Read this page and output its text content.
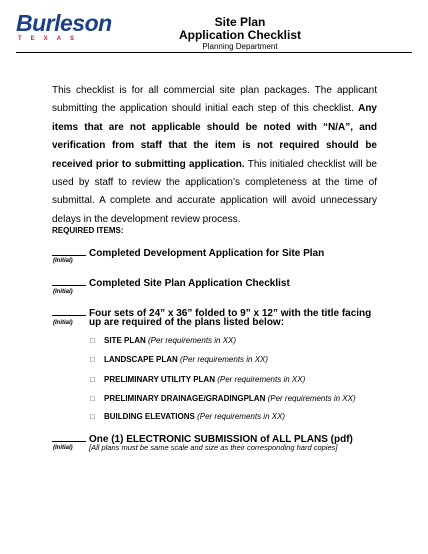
Burleson
TEXAS
Site Plan
Application Checklist
Planning Department
This checklist is for all commercial site plan packages. The applicant submitting the application should initial each step of this checklist. Any items that are not applicable should be noted with “N/A”, and verification from staff that the item is not required should be received prior to submitting application. This initialed checklist will be used by staff to review the application’s completeness at the time of submittal. A complete and accurate application will avoid unnecessary delays in the development review process.
REQUIRED ITEMS:
Completed Development Application for Site Plan
(Initial)
Completed Site Plan Application Checklist
(Initial)
Four sets of 24” x 36” folded to 9” x 12” with the title facing
(Initial) up are required of the plans listed below:
□ SITE PLAN (Per requirements in XX)
□ LANDSCAPE PLAN (Per requirements in XX)
□ PRELIMINARY UTILITY PLAN (Per requirements in XX)
□ PRELIMINARY DRAINAGE/GRADINGPLAN (Per requirements in XX)
□ BUILDING ELEVATIONS (Per requirements in XX)
One (1) ELECTRONIC SUBMISSION of ALL PLANS (pdf)
(Initial) [All plans must be same scale and size as their corresponding hard copies]
